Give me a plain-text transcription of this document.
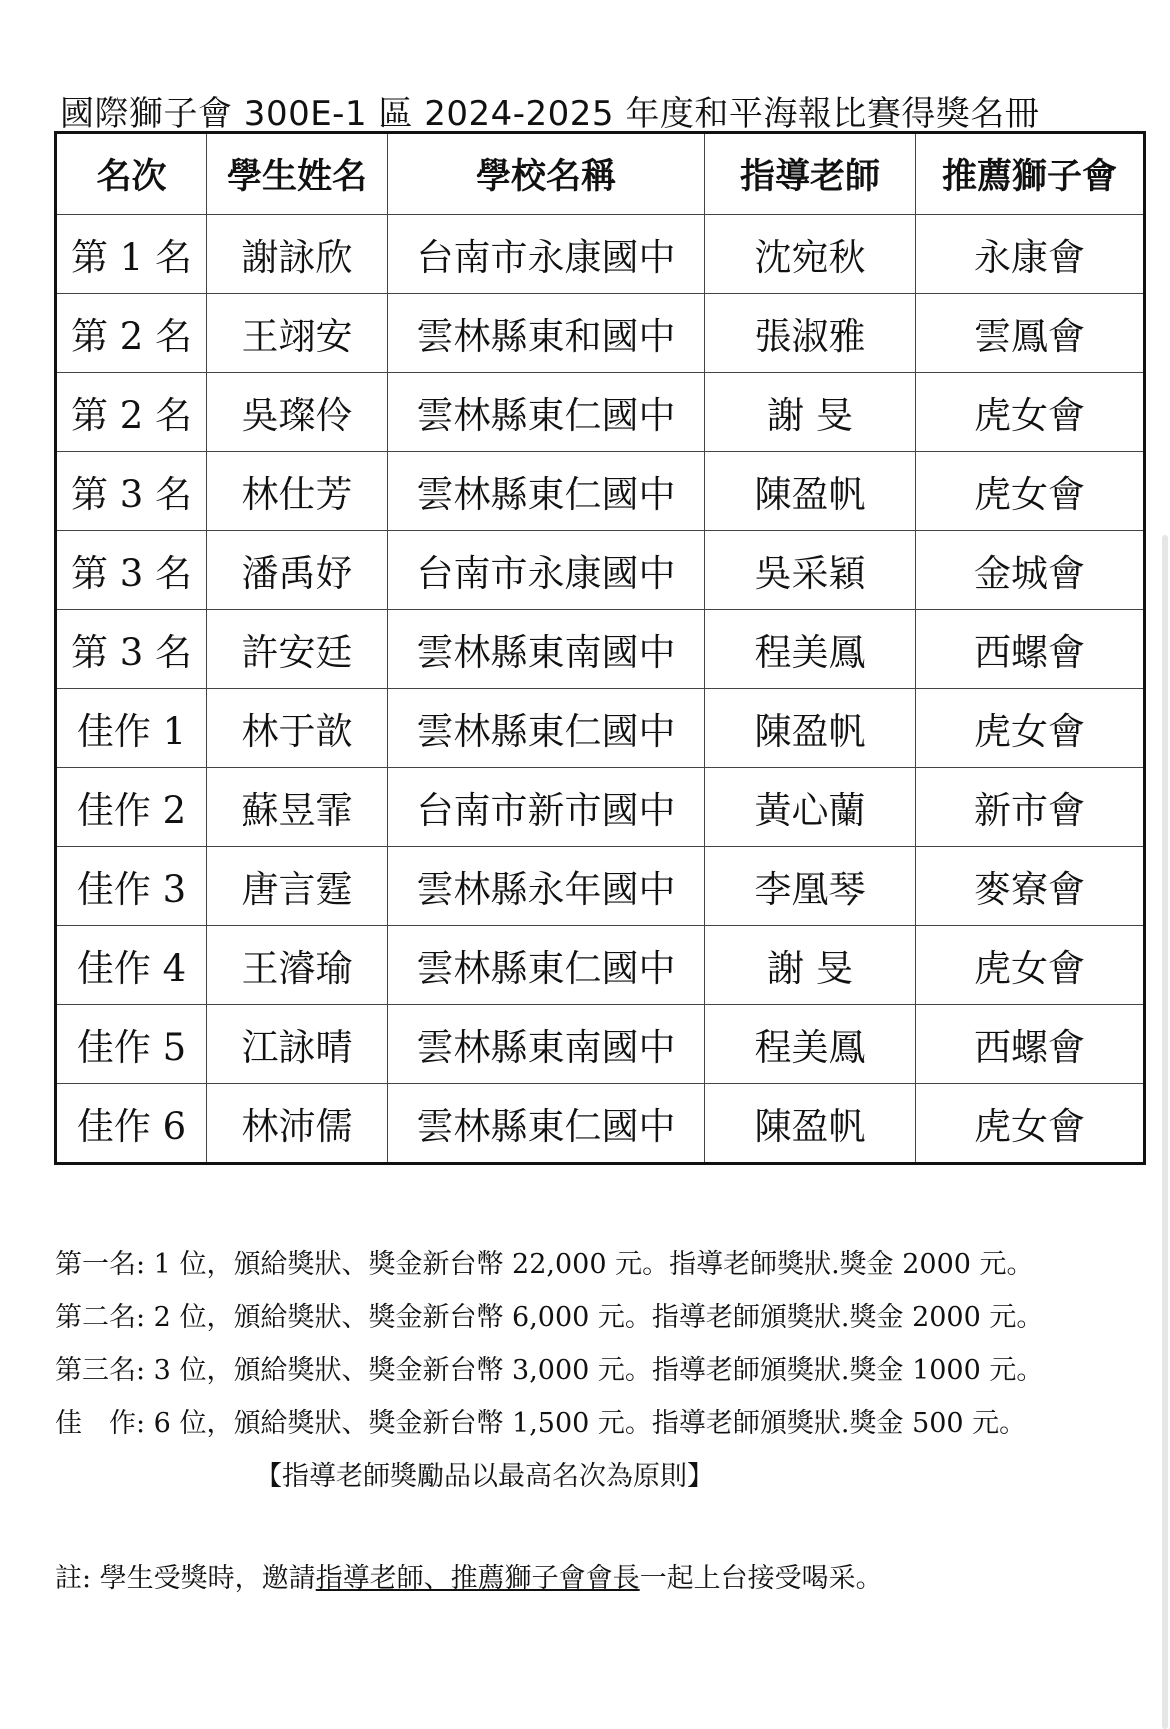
國際獅子會 300E-1 區 2024-2025 年度和平海報比賽得獎名冊
名次	學生姓名	學校名稱	指導老師	推薦獅子會
第 1 名	謝詠欣	台南市永康國中	沈宛秋	永康會
第 2 名	王翊安	雲林縣東和國中	張淑雅	雲鳳會
第 2 名	吳璨伶	雲林縣東仁國中	謝 旻	虎女會
第 3 名	林仕芳	雲林縣東仁國中	陳盈帆	虎女會
第 3 名	潘禹妤	台南市永康國中	吳采穎	金城會
第 3 名	許安廷	雲林縣東南國中	程美鳳	西螺會
佳作 1	林于歆	雲林縣東仁國中	陳盈帆	虎女會
佳作 2	蘇昱霏	台南市新市國中	黃心蘭	新市會
佳作 3	唐言霆	雲林縣永年國中	李凰琴	麥寮會
佳作 4	王濬瑜	雲林縣東仁國中	謝 旻	虎女會
佳作 5	江詠晴	雲林縣東南國中	程美鳳	西螺會
佳作 6	林沛儒	雲林縣東仁國中	陳盈帆	虎女會
第一名: 1 位，頒給獎狀、獎金新台幣 22,000 元。指導老師獎狀.獎金 2000 元。
第二名: 2 位，頒給獎狀、獎金新台幣 6,000 元。指導老師頒獎狀.獎金 2000 元。
第三名: 3 位，頒給獎狀、獎金新台幣 3,000 元。指導老師頒獎狀.獎金 1000 元。
佳　作: 6 位，頒給獎狀、獎金新台幣 1,500 元。指導老師頒獎狀.獎金 500 元。
【指導老師獎勵品以最高名次為原則】
註: 學生受獎時，邀請指導老師、推薦獅子會會長一起上台接受喝采。
